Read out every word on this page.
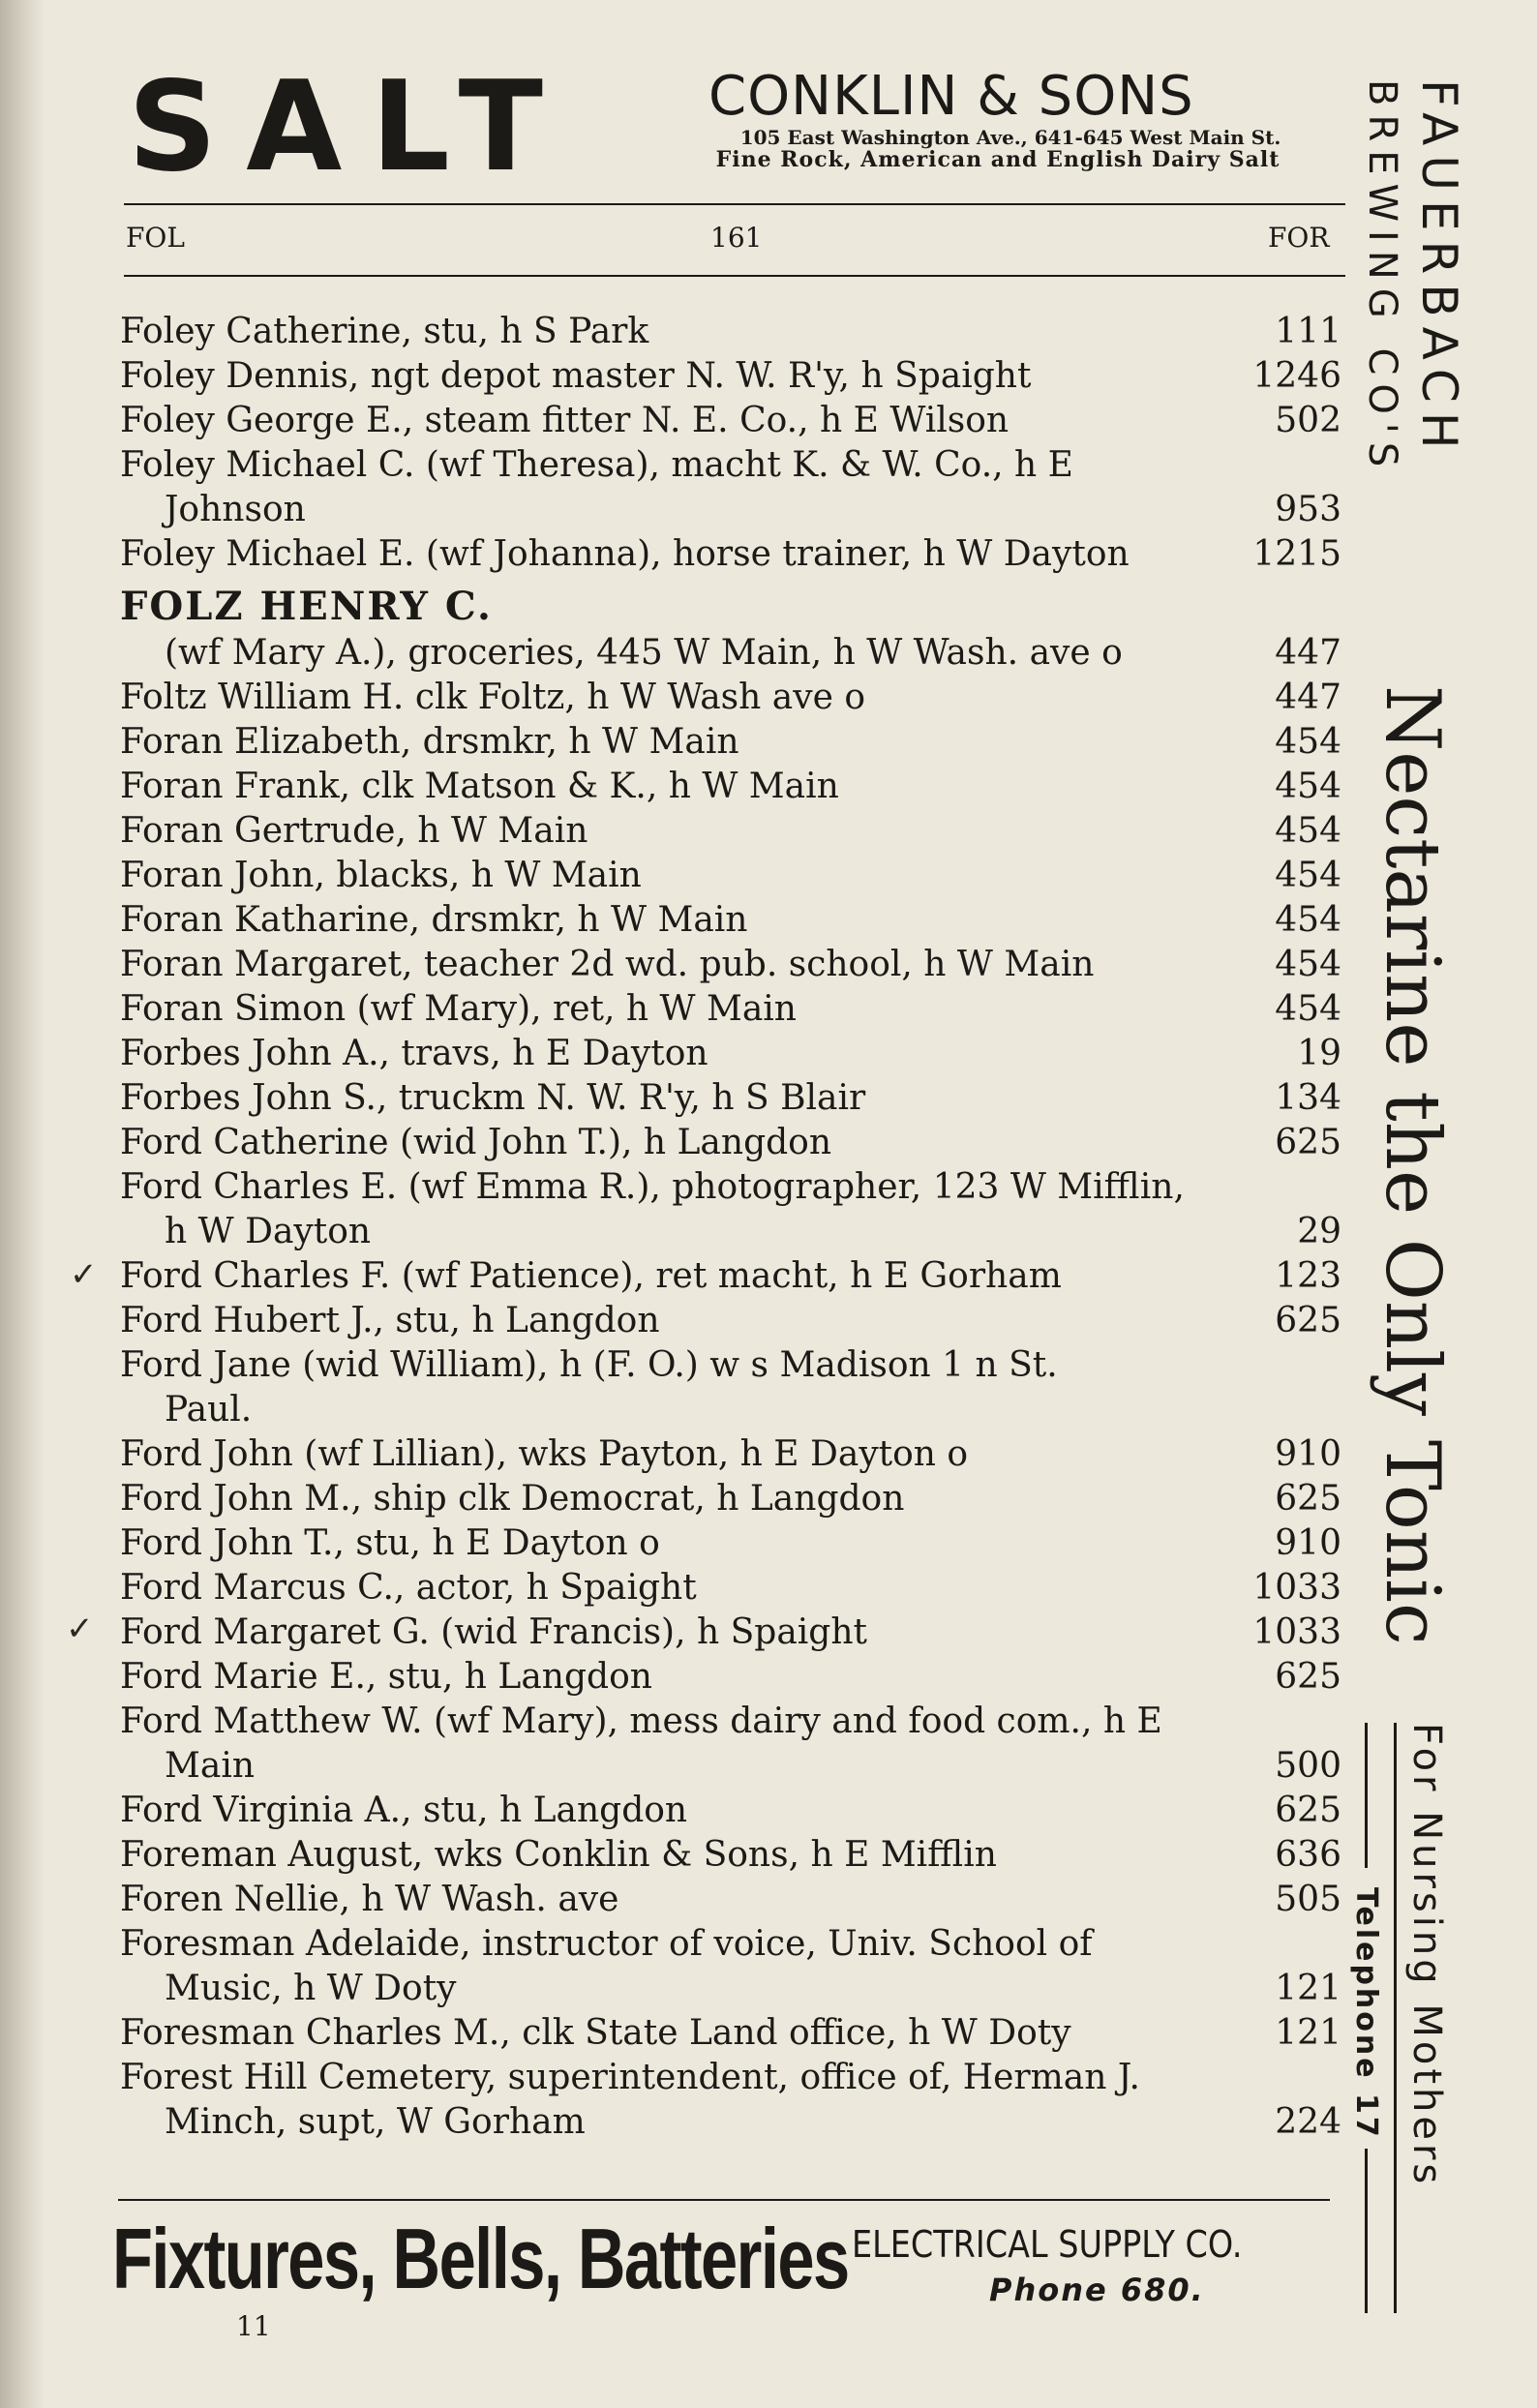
SALT	CONKLIN & SONS
105 East Washington Ave., 641-645 West Main St.
Fine Rock, American and English Dairy Salt
FOL	161	FOR
Foley Catherine, stu, h S Park	111
Foley Dennis, ngt depot master N. W. R'y, h Spaight	1246
Foley George E., steam fitter N. E. Co., h E Wilson	502
Foley Michael C. (wf Theresa), macht K. & W. Co., h E
Johnson	953
Foley Michael E. (wf Johanna), horse trainer, h W Dayton	1215
FOLZ HENRY C.
(wf Mary A.), groceries, 445 W Main, h W Wash. ave o	447
Foltz William H. clk Foltz, h W Wash ave o	447
Foran Elizabeth, drsmkr, h W Main	454
Foran Frank, clk Matson & K., h W Main	454
Foran Gertrude, h W Main	454
Foran John, blacks, h W Main	454
Foran Katharine, drsmkr, h W Main	454
Foran Margaret, teacher 2d wd. pub. school, h W Main	454
Foran Simon (wf Mary), ret, h W Main	454
Forbes John A., travs, h E Dayton	19
Forbes John S., truckm N. W. R'y, h S Blair	134
Ford Catherine (wid John T.), h Langdon	625
Ford Charles E. (wf Emma R.), photographer, 123 W Mifflin,
h W Dayton	29
Ford Charles F. (wf Patience), ret macht, h E Gorham	123
Ford Hubert J., stu, h Langdon	625
Ford Jane (wid William), h (F. O.) w s Madison 1 n St.
Paul.
Ford John (wf Lillian), wks Payton, h E Dayton o	910
Ford John M., ship clk Democrat, h Langdon	625
Ford John T., stu, h E Dayton o	910
Ford Marcus C., actor, h Spaight	1033
Ford Margaret G. (wid Francis), h Spaight	1033
Ford Marie E., stu, h Langdon	625
Ford Matthew W. (wf Mary), mess dairy and food com., h E
Main	500
Ford Virginia A., stu, h Langdon	625
Foreman August, wks Conklin & Sons, h E Mifflin	636
Foren Nellie, h W Wash. ave	505
Foresman Adelaide, instructor of voice, Univ. School of
Music, h W Doty	121
Foresman Charles M., clk State Land office, h W Doty	121
Forest Hill Cemetery, superintendent, office of, Herman J.
Minch, supt, W Gorham	224
✓
✓
Fixtures, Bells, Batteries ELECTRICAL SUPPLY CO.
Phone 680.
11
FAUERBACH
BREWING CO'S
Nectarine the Only Tonic
For Nursing Mothers
Telephone 17
